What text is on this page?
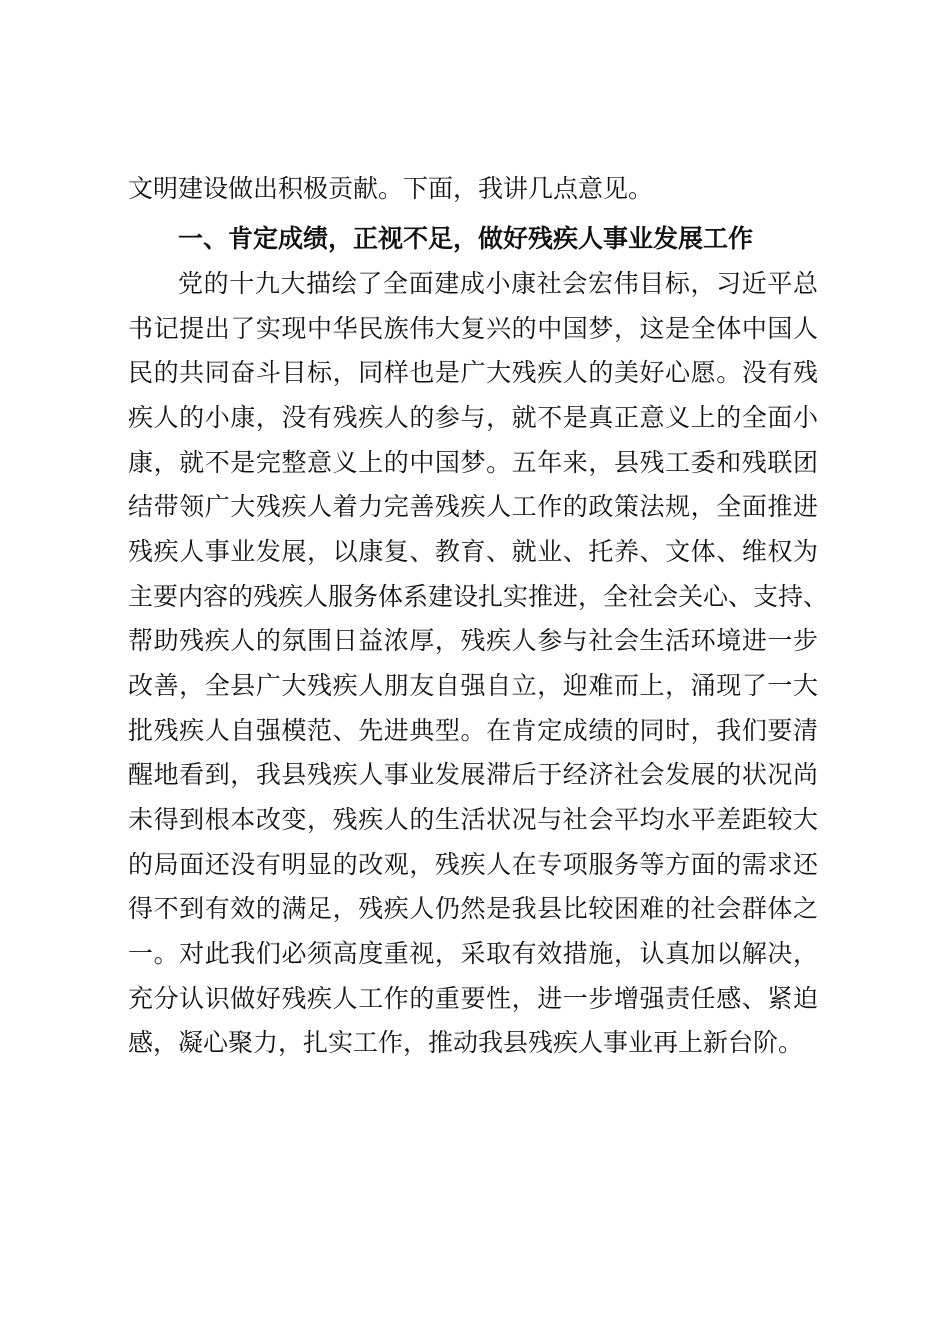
文明建设做出积极贡献。下面，我讲几点意见。
一、肯定成绩，正视不足，做好残疾人事业发展工作
党的十九大描绘了全面建成小康社会宏伟目标，习近平总
书记提出了实现中华民族伟大复兴的中国梦，这是全体中国人
民的共同奋斗目标，同样也是广大残疾人的美好心愿。没有残
疾人的小康，没有残疾人的参与，就不是真正意义上的全面小
康，就不是完整意义上的中国梦。五年来，县残工委和残联团
结带领广大残疾人着力完善残疾人工作的政策法规，全面推进
残疾人事业发展，以康复、教育、就业、托养、文体、维权为
主要内容的残疾人服务体系建设扎实推进，全社会关心、支持、
帮助残疾人的氛围日益浓厚，残疾人参与社会生活环境进一步
改善，全县广大残疾人朋友自强自立，迎难而上，涌现了一大
批残疾人自强模范、先进典型。在肯定成绩的同时，我们要清
醒地看到，我县残疾人事业发展滞后于经济社会发展的状况尚
未得到根本改变，残疾人的生活状况与社会平均水平差距较大
的局面还没有明显的改观，残疾人在专项服务等方面的需求还
得不到有效的满足，残疾人仍然是我县比较困难的社会群体之
一。对此我们必须高度重视，采取有效措施，认真加以解决，
充分认识做好残疾人工作的重要性，进一步增强责任感、紧迫
感，凝心聚力，扎实工作，推动我县残疾人事业再上新台阶。
